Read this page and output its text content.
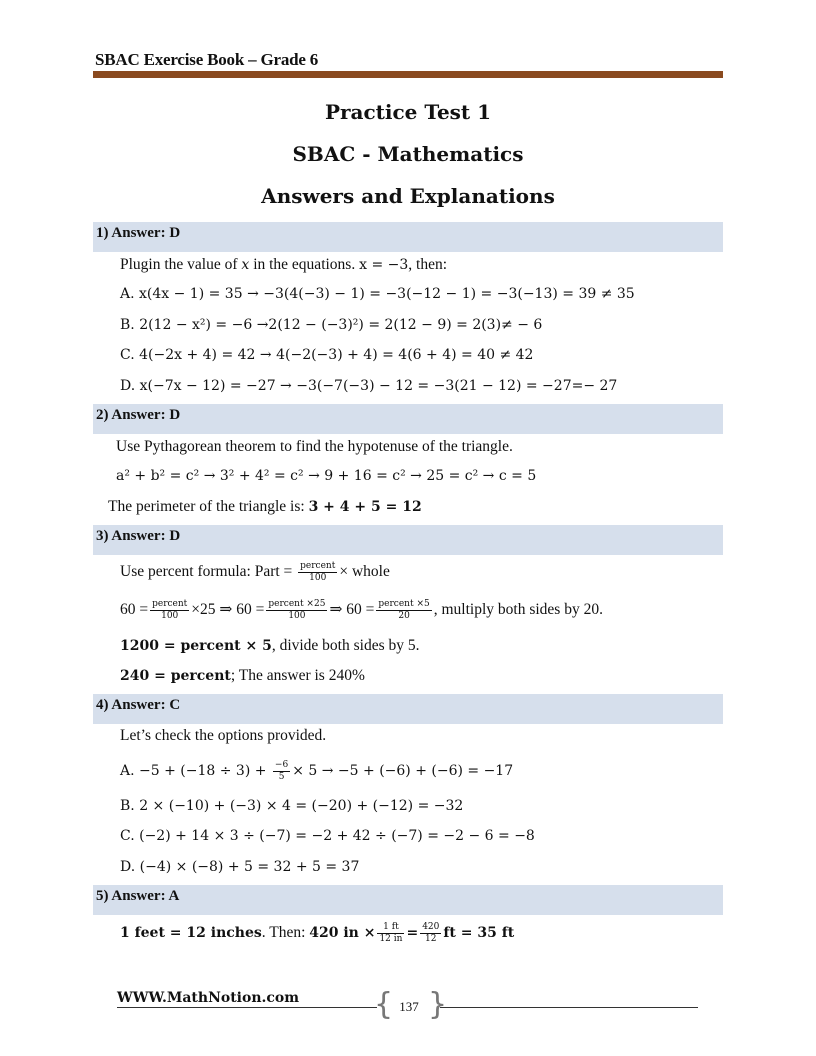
SBAC Exercise Book – Grade 6
Practice Test 1
SBAC - Mathematics
Answers and Explanations
1) Answer: D
Plugin the value of x in the equations. x = −3, then:
A. x(4x − 1) = 35 → −3(4(−3) − 1) = −3(−12 − 1) = −3(−13) = 39 ≠ 35
B. 2(12 − x²) = −6 →2(12 − (−3)²) = 2(12 − 9) = 2(3)≠ − 6
C. 4(−2x + 4) = 42 → 4(−2(−3) + 4) = 4(6 + 4) = 40 ≠ 42
D. x(−7x − 12) = −27 → −3(−7(−3) − 12 = −3(21 − 12) = −27=− 27
2) Answer: D
Use Pythagorean theorem to find the hypotenuse of the triangle.
a² + b² = c² → 3² + 4² = c² → 9 + 16 = c² → 25 = c² → c = 5
The perimeter of the triangle is: 3 + 4 + 5 = 12
3) Answer: D
Use percent formula: Part = $\frac{\text{percent}}{100}$ × whole
$60 = \frac{\text{percent}}{100} \times 25$ ⇒ $60 = \frac{\text{percent ×25}}{100}$ ⇒ $60 = \frac{\text{percent ×5}}{20}$ , multiply both sides by 20.
1200 = percent × 5, divide both sides by 5.
240 = percent; The answer is 240%
4) Answer: C
Let’s check the options provided.
A. $-5 + (-18 \div 3) + \frac{-6}{5} \times 5 \to -5 + (-6) + (-6) = -17$
B. 2 × (−10) + (−3) × 4 = (−20) + (−12) = −32
C. (−2) + 14 × 3 ÷ (−7) = −2 + 42 ÷ (−7) = −2 − 6 = −8
D. (−4) × (−8) + 5 = 32 + 5 = 37
5) Answer: A
1 feet = 12 inches. Then: 420 in × $\frac{1 ft}{12 in} = \frac{420}{12}$ ft = 35 ft
WWW.MathNotion.com { 137 }
